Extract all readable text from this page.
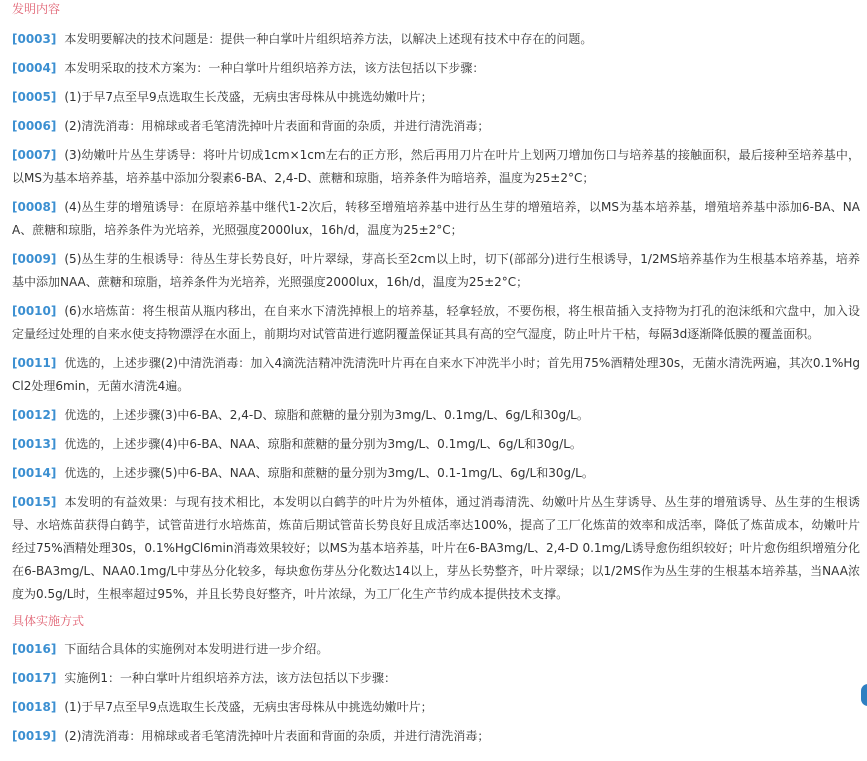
发明内容

[0003] 本发明要解决的技术问题是：提供一种白掌叶片组织培养方法，以解决上述现有技术中存在的问题。

[0004] 本发明采取的技术方案为：一种白掌叶片组织培养方法，该方法包括以下步骤：

[0005] (1)于早7点至早9点选取生长茂盛，无病虫害母株从中挑选幼嫩叶片；

[0006] (2)清洗消毒：用棉球或者毛笔清洗掉叶片表面和背面的杂质，并进行清洗消毒；

[0007] (3)幼嫩叶片丛生芽诱导：将叶片切成1cm×1cm左右的正方形，然后再用刀片在叶片上划两刀增加伤口与培养基的接触面积，最后接种至培养基中，以MS为基本培养基，培养基中添加分裂素6-BA、2,4-D、蔗糖和琼脂，培养条件为暗培养，温度为25±2°C；

[0008] (4)丛生芽的增殖诱导：在原培养基中继代1-2次后，转移至增殖培养基中进行丛生芽的增殖培养，以MS为基本培养基，增殖培养基中添加6-BA、NAA、蔗糖和琼脂，培养条件为光培养，光照强度2000lux，16h/d，温度为25±2°C；

[0009] (5)丛生芽的生根诱导：待丛生芽长势良好，叶片翠绿，芽高长至2cm以上时，切下(部部分)进行生根诱导，1/2MS培养基作为生根基本培养基，培养基中添加NAA、蔗糖和琼脂，培养条件为光培养，光照强度2000lux，16h/d，温度为25±2°C；

[0010] (6)水培炼苗：将生根苗从瓶内移出，在自来水下清洗掉根上的培养基，轻拿轻放，不要伤根，将生根苗插入支持物为打孔的泡沫纸和穴盘中，加入设定量经过处理的自来水使支持物漂浮在水面上，前期均对试管苗进行遮阴覆盖保证其具有高的空气湿度，防止叶片干枯，每隔3d逐渐降低膜的覆盖面积。

[0011] 优选的，上述步骤(2)中清洗消毒：加入4滴洗洁精冲洗清洗叶片再在自来水下冲洗半小时；首先用75%酒精处理30s，无菌水清洗两遍，其次0.1%HgCl2处理6min，无菌水清洗4遍。

[0012] 优选的，上述步骤(3)中6-BA、2,4-D、琼脂和蔗糖的量分别为3mg/L、0.1mg/L、6g/L和30g/L。

[0013] 优选的，上述步骤(4)中6-BA、NAA、琼脂和蔗糖的量分别为3mg/L、0.1mg/L、6g/L和30g/L。

[0014] 优选的，上述步骤(5)中6-BA、NAA、琼脂和蔗糖的量分别为3mg/L、0.1-1mg/L、6g/L和30g/L。

[0015] 本发明的有益效果：与现有技术相比，本发明以白鹤芋的叶片为外植体，通过消毒清洗、幼嫩叶片丛生芽诱导、丛生芽的增殖诱导、丛生芽的生根诱导、水培炼苗获得白鹤芋，试管苗进行水培炼苗，炼苗后期试管苗长势良好且成活率达100%，提高了工厂化炼苗的效率和成活率，降低了炼苗成本，幼嫩叶片经过75%酒精处理30s，0.1%HgCl6min消毒效果较好；以MS为基本培养基，叶片在6-BA3mg/L、2,4-D 0.1mg/L诱导愈伤组织较好；叶片愈伤组织增殖分化在6-BA3mg/L、NAA0.1mg/L中芽丛分化较多，每块愈伤芽丛分化数达14以上，芽丛长势整齐，叶片翠绿；以1/2MS作为丛生芽的生根基本培养基，当NAA浓度为0.5g/L时，生根率超过95%，并且长势良好整齐，叶片浓绿，为工厂化生产节约成本提供技术支撑。

具体实施方式

[0016] 下面结合具体的实施例对本发明进行进一步介绍。

[0017] 实施例1：一种白掌叶片组织培养方法，该方法包括以下步骤：

[0018] (1)于早7点至早9点选取生长茂盛，无病虫害母株从中挑选幼嫩叶片；

[0019] (2)清洗消毒：用棉球或者毛笔清洗掉叶片表面和背面的杂质，并进行清洗消毒；
